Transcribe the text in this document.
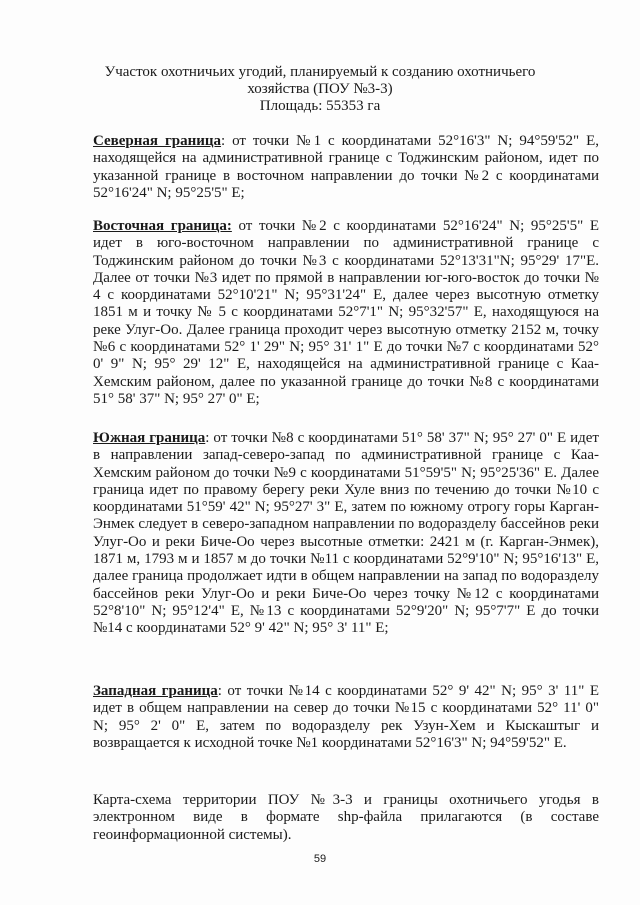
Участок охотничьих угодий, планируемый к созданию охотничьего
хозяйства (ПОУ №3-3)
Площадь: 55353 га
Северная граница: от точки №1 с координатами 52°16'3" N; 94°59'52" E, находящейся на административной границе с Тоджинским районом, идет по указанной границе в восточном направлении до точки №2 с координатами 52°16'24" N; 95°25'5" E;
Восточная граница: от точки №2 с координатами 52°16'24" N; 95°25'5" E идет в юго-восточном направлении по административной границе с Тоджинским районом до точки №3 с координатами 52°13'31"N; 95°29' 17"E. Далее от точки №3 идет по прямой в направлении юг-юго-восток до точки № 4 с координатами 52°10'21" N; 95°31'24" E, далее через высотную отметку 1851 м и точку № 5 с координатами 52°7'1" N; 95°32'57" E, находящуюся на реке Улуг-Оо. Далее граница проходит через высотную отметку 2152 м, точку №6 с координатами 52° 1' 29" N; 95° 31' 1" E до точки №7 с координатами 52° 0' 9" N; 95° 29' 12" E, находящейся на административной границе с Каа-Хемским районом, далее по указанной границе до точки №8 с координатами 51° 58' 37" N; 95° 27' 0" E;
Южная граница: от точки №8 с координатами 51° 58' 37" N; 95° 27' 0" E идет в направлении запад-северо-запад по административной границе с Каа-Хемским районом до точки №9 с координатами 51°59'5" N; 95°25'36" E. Далее граница идет по правому берегу реки Хуле вниз по течению до точки №10 с координатами 51°59' 42" N; 95°27' 3" E, затем по южному отрогу горы Карган-Энмек следует в северо-западном направлении по водоразделу бассейнов реки Улуг-Оо и реки Биче-Оо через высотные отметки: 2421 м (г. Карган-Энмек), 1871 м, 1793 м и 1857 м до точки №11 с координатами 52°9'10" N; 95°16'13" E, далее граница продолжает идти в общем направлении на запад по водоразделу бассейнов реки Улуг-Оо и реки Биче-Оо через точку №12 с координатами 52°8'10" N; 95°12'4" E, №13 с координатами 52°9'20" N; 95°7'7" E до точки №14 с координатами 52° 9' 42" N; 95° 3' 11" E;
Западная граница: от точки №14 с координатами 52° 9' 42" N; 95° 3' 11" E идет в общем направлении на север до точки №15 с координатами 52° 11' 0" N; 95° 2' 0" E, затем по водоразделу рек Узун-Хем и Кыскаштыг и возвращается к исходной точке №1 координатами 52°16'3" N; 94°59'52" E.
Карта-схема территории ПОУ №3-3 и границы охотничьего угодья в электронном виде в формате shp-файла прилагаются (в составе геоинформационной системы).
59
